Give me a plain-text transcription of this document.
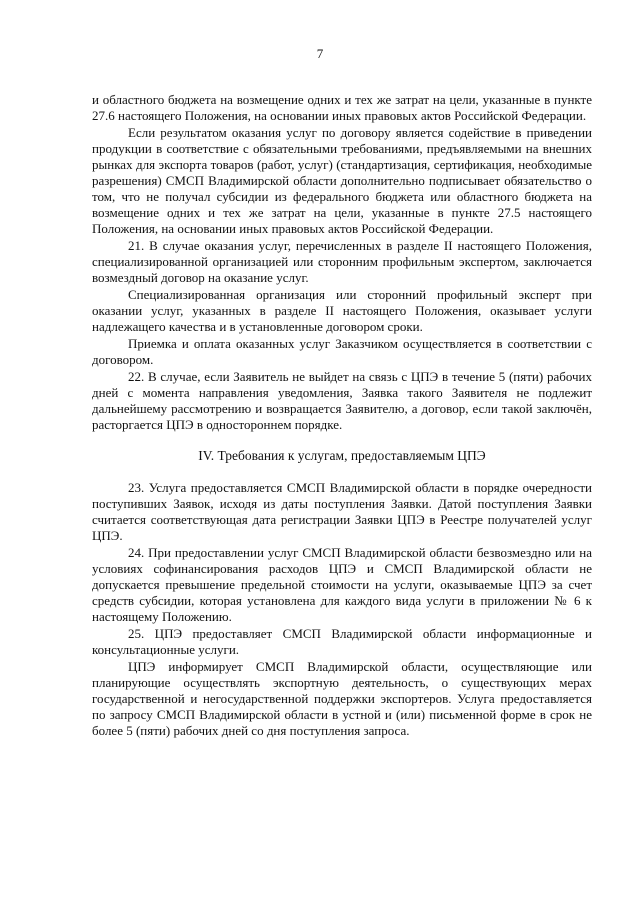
7

и областного бюджета на возмещение одних и тех же затрат на цели, указанные в пункте 27.6 настоящего Положения, на основании иных правовых актов Российской Федерации.

Если результатом оказания услуг по договору является содействие в приведении продукции в соответствие с обязательными требованиями, предъявляемыми на внешних рынках для экспорта товаров (работ, услуг) (стандартизация, сертификация, необходимые разрешения) СМСП Владимирской области дополнительно подписывает обязательство о том, что не получал субсидии из федерального бюджета или областного бюджета на возмещение одних и тех же затрат на цели, указанные в пункте 27.5 настоящего Положения, на основании иных правовых актов Российской Федерации.

21. В случае оказания услуг, перечисленных в разделе II настоящего Положения, специализированной организацией или сторонним профильным экспертом, заключается возмездный договор на оказание услуг.

Специализированная организация или сторонний профильный эксперт при оказании услуг, указанных в разделе II настоящего Положения, оказывает услуги надлежащего качества и в установленные договором сроки.

Приемка и оплата оказанных услуг Заказчиком осуществляется в соответствии с договором.

22. В случае, если Заявитель не выйдет на связь с ЦПЭ в течение 5 (пяти) рабочих дней с момента направления уведомления, Заявка такого Заявителя не подлежит дальнейшему рассмотрению и возвращается Заявителю, а договор, если такой заключён, расторгается ЦПЭ в одностороннем порядке.

IV. Требования к услугам, предоставляемым ЦПЭ

23. Услуга предоставляется СМСП Владимирской области в порядке очередности поступивших Заявок, исходя из даты поступления Заявки. Датой поступления Заявки считается соответствующая дата регистрации Заявки ЦПЭ в Реестре получателей услуг ЦПЭ.

24. При предоставлении услуг СМСП Владимирской области безвозмездно или на условиях софинансирования расходов ЦПЭ и СМСП Владимирской области не допускается превышение предельной стоимости на услуги, оказываемые ЦПЭ за счет средств субсидии, которая установлена для каждого вида услуги в приложении № 6 к настоящему Положению.

25. ЦПЭ предоставляет СМСП Владимирской области информационные и консультационные услуги.

ЦПЭ информирует СМСП Владимирской области, осуществляющие или планирующие осуществлять экспортную деятельность, о существующих мерах государственной и негосударственной поддержки экспортеров. Услуга предоставляется по запросу СМСП Владимирской области в устной и (или) письменной форме в срок не более 5 (пяти) рабочих дней со дня поступления запроса.
